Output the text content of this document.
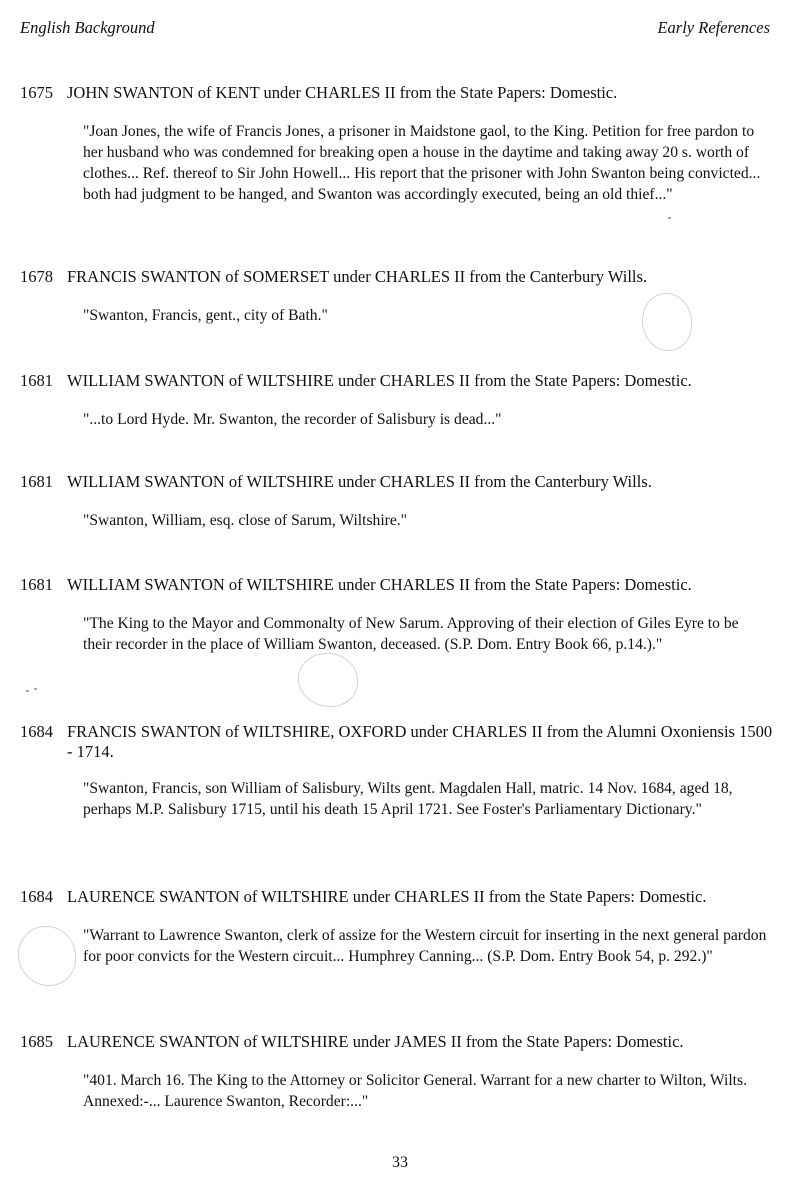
English Background	Early References
1675 JOHN SWANTON of KENT under CHARLES II from the State Papers: Domestic.
"Joan Jones, the wife of Francis Jones, a prisoner in Maidstone gaol, to the King. Petition for free pardon to her husband who was condemned for breaking open a house in the daytime and taking away 20 s. worth of clothes... Ref. thereof to Sir John Howell... His report that the prisoner with John Swanton being convicted... both had judgment to be hanged, and Swanton was accordingly executed, being an old thief..."
1678 FRANCIS SWANTON of SOMERSET under CHARLES II from the Canterbury Wills.
"Swanton, Francis, gent., city of Bath."
1681 WILLIAM SWANTON of WILTSHIRE under CHARLES II from the State Papers: Domestic.
"...to Lord Hyde. Mr. Swanton, the recorder of Salisbury is dead..."
1681 WILLIAM SWANTON of WILTSHIRE under CHARLES II from the Canterbury Wills.
"Swanton, William, esq. close of Sarum, Wiltshire."
1681 WILLIAM SWANTON of WILTSHIRE under CHARLES II from the State Papers: Domestic.
"The King to the Mayor and Commonalty of New Sarum. Approving of their election of Giles Eyre to be their recorder in the place of William Swanton, deceased. (S.P. Dom. Entry Book 66, p.14.)."
1684 FRANCIS SWANTON of WILTSHIRE, OXFORD under CHARLES II from the Alumni Oxoniensis 1500 - 1714.
"Swanton, Francis, son William of Salisbury, Wilts gent. Magdalen Hall, matric. 14 Nov. 1684, aged 18, perhaps M.P. Salisbury 1715, until his death 15 April 1721. See Foster's Parliamentary Dictionary."
1684 LAURENCE SWANTON of WILTSHIRE under CHARLES II from the State Papers: Domestic.
"Warrant to Lawrence Swanton, clerk of assize for the Western circuit for inserting in the next general pardon for poor convicts for the Western circuit... Humphrey Canning... (S.P. Dom. Entry Book 54, p. 292.)"
1685 LAURENCE SWANTON of WILTSHIRE under JAMES II from the State Papers: Domestic.
"401. March 16. The King to the Attorney or Solicitor General. Warrant for a new charter to Wilton, Wilts. Annexed:-... Laurence Swanton, Recorder:..."
33
